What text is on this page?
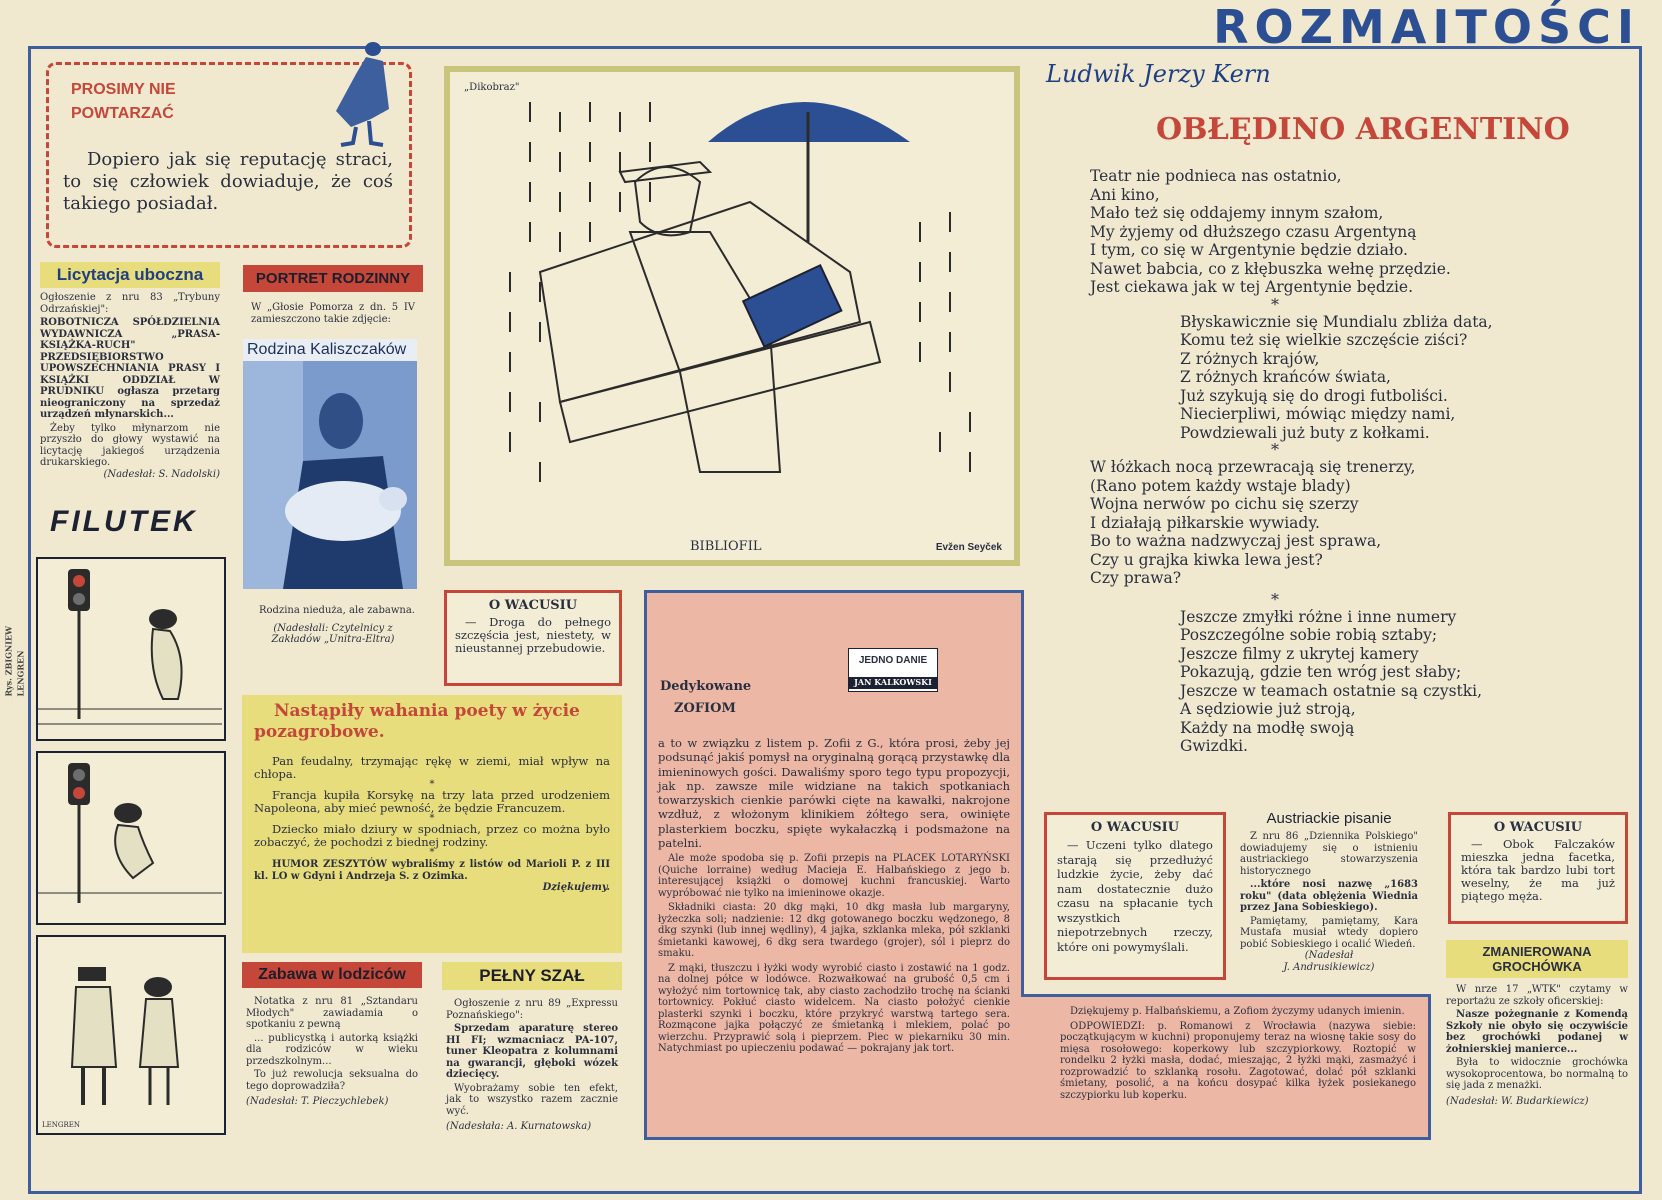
ROZMAITOŚCI
Rys. ZBIGNIEW LENGREN
PROSIMY NIE
POWTARZAĆ
Dopiero jak się reputację straci, to się człowiek dowiaduje, że coś takiego posiadał.
Licytacja uboczna
Ogłoszenie z nru 83 „Trybuny Odrzańskiej":
ROBOTNICZA SPÓŁDZIELNIA WYDAWNICZA „PRASA-KSIĄŻKA-RUCH" PRZEDSIĘBIORSTWO UPOWSZECHNIANIA PRASY I KSIĄŻKI ODDZIAŁ W PRUDNIKU ogłasza przetarg nieograniczony na sprzedaż urządzeń młynarskich...
Żeby tylko młynarzom nie przyszło do głowy wystawić na licytację jakiegoś urządzenia drukarskiego.
(Nadesłał: S. Nadolski)
PORTRET RODZINNY
W „Głosie Pomorza z dn. 5 IV zamieszczono takie zdjęcie:
Rodzina Kaliszczaków
Rodzina nieduża, ale zabawna.
(Nadesłali: Czytelnicy z Zakładów „Unitra-Eltra)
FILUTEK
LENGREN
„Dikobraz"
BIBLIOFIL	Evžen Seyček
O WACUSIU
— Droga do pełnego szczęścia jest, niestety, w nieustannej przebudowie.
Nastąpiły wahania poety w życie pozagrobowe.
Pan feudalny, trzymając rękę w ziemi, miał wpływ na chłopa.
*
Francja kupiła Korsykę na trzy lata przed urodzeniem Napoleona, aby mieć pewność, że będzie Francuzem.
*
Dziecko miało dziury w spodniach, przez co można było zobaczyć, że pochodzi z biednej rodziny.
*
HUMOR ZESZYTÓW wybraliśmy z listów od Marioli P. z III kl. LO w Gdyni i Andrzeja S. z Ozimka.
Dziękujemy.
Zabawa w lodziców
Notatka z nru 81 „Sztandaru Młodych" zawiadamia o spotkaniu z pewną
... publicystką i autorką książki dla rodziców w wieku przedszkolnym...
To już rewolucja seksualna do tego doprowadziła?
(Nadesłał: T. Pieczychlebek)
PEŁNY SZAŁ
Ogłoszenie z nru 89 „Expressu Poznańskiego":
Sprzedam aparaturę stereo HI FI; wzmacniacz PA-107, tuner Kleopatra z kolumnami na gwarancji, głęboki wózek dziecięcy.
Wyobrażamy sobie ten efekt, jak to wszystko razem zacznie wyć.
(Nadesłała: A. Kurnatowska)
JEDNO DANIE
JAN KALKOWSKI
Dedykowane
ZOFIOM
a to w związku z listem p. Zofii z G., która prosi, żeby jej podsunąć jakiś pomysł na oryginalną gorącą przystawkę dla imieninowych gości. Dawaliśmy sporo tego typu propozycji, jak np. zawsze mile widziane na takich spotkaniach towarzyskich cienkie parówki cięte na kawałki, nakrojone wzdłuż, z włożonym klinikiem żółtego sera, owinięte plasterkiem boczku, spięte wykałaczką i podsmażone na patelni.
Ale może spodoba się p. Zofii przepis na PLACEK LOTARYŃSKI (Quiche lorraine) według Macieja E. Halbańskiego z jego b. interesującej książki o domowej kuchni francuskiej. Warto wypróbować nie tylko na imieninowe okazje.
Składniki ciasta: 20 dkg mąki, 10 dkg masła lub margaryny, łyżeczka soli; nadzienie: 12 dkg gotowanego boczku wędzonego, 8 dkg szynki (lub innej wędliny), 4 jajka, szklanka mleka, pół szklanki śmietanki kawowej, 6 dkg sera twardego (grojer), sól i pieprz do smaku.
Z mąki, tłuszczu i łyżki wody wyrobić ciasto i zostawić na 1 godz. na dolnej półce w lodówce. Rozwałkować na grubość 0,5 cm i wyłożyć nim tortownicę tak, aby ciasto zachodziło trochę na ścianki tortownicy. Pokłuć ciasto widelcem. Na ciasto położyć cienkie plasterki szynki i boczku, które przykryć warstwą tartego sera. Rozmącone jajka połączyć ze śmietanką i mlekiem, polać po wierzchu. Przyprawić solą i pieprzem. Piec w piekarniku 30 min. Natychmiast po upieczeniu podawać — pokrajany jak tort.
Dziękujemy p. Halbańskiemu, a Zofiom życzymy udanych imienin.
ODPOWIEDZI: p. Romanowi z Wrocławia (nazywa siebie: początkującym w kuchni) proponujemy teraz na wiosnę takie sosy do mięsa rosołowego: koperkowy lub szczypiorkowy. Roztopić w rondelku 2 łyżki masła, dodać, mieszając, 2 łyżki mąki, zasmażyć i rozprowadzić to szklanką rosołu. Zagotować, dolać pół szklanki śmietany, posolić, a na końcu dosypać kilka łyżek posiekanego szczypiorku lub koperku.
Ludwik Jerzy Kern
OBŁĘDINO ARGENTINO
Teatr nie podnieca nas ostatnio,
Ani kino,
Mało też się oddajemy innym szałom,
My żyjemy od dłuższego czasu Argentyną
I tym, co się w Argentynie będzie działo.
Nawet babcia, co z kłębuszka wełnę przędzie.
Jest ciekawa jak w tej Argentynie będzie.
*
Błyskawicznie się Mundialu zbliża data,
Komu też się wielkie szczęście ziści?
Z różnych krajów,
Z różnych krańców świata,
Już szykują się do drogi futboliści.
Niecierpliwi, mówiąc między nami,
Powdziewali już buty z kołkami.
*
W łóżkach nocą przewracają się trenerzy,
(Rano potem każdy wstaje blady)
Wojna nerwów po cichu się szerzy
I działają piłkarskie wywiady.
Bo to ważna nadzwyczaj jest sprawa,
Czy u grajka kiwka lewa jest?
Czy prawa?
*
Jeszcze zmyłki różne i inne numery
Poszczególne sobie robią sztaby;
Jeszcze filmy z ukrytej kamery
Pokazują, gdzie ten wróg jest słaby;
Jeszcze w teamach ostatnie są czystki,
A sędziowie już stroją,
Każdy na modłę swoją
Gwizdki.
O WACUSIU
— Uczeni tylko dlatego starają się przedłużyć ludzkie życie, żeby dać nam dostatecznie dużo czasu na spłacanie tych wszystkich niepotrzebnych rzeczy, które oni powymyślali.
Austriackie pisanie
Z nru 86 „Dziennika Polskiego" dowiadujemy się o istnieniu austriackiego stowarzyszenia historycznego
...które nosi nazwę „1683 roku" (data oblężenia Wiednia przez Jana Sobieskiego).
Pamiętamy, pamiętamy, Kara Mustafa musiał wtedy dopiero pobić Sobieskiego i ocalić Wiedeń.
(Nadesłał
J. Andrusikiewicz)
O WACUSIU
— Obok Falczaków mieszka jedna facetka, która tak bardzo lubi tort weselny, że ma już piątego męża.
ZMANIEROWANA
GROCHÓWKA
W nrze 17 „WTK" czytamy w reportażu ze szkoły oficerskiej:
Nasze pożegnanie z Komendą Szkoły nie obyło się oczywiście bez grochówki podanej w żołnierskiej manierce...
Była to widocznie grochówka wysokoprocentowa, bo normalną to się jada z menażki.
(Nadesłał: W. Budarkiewicz)
